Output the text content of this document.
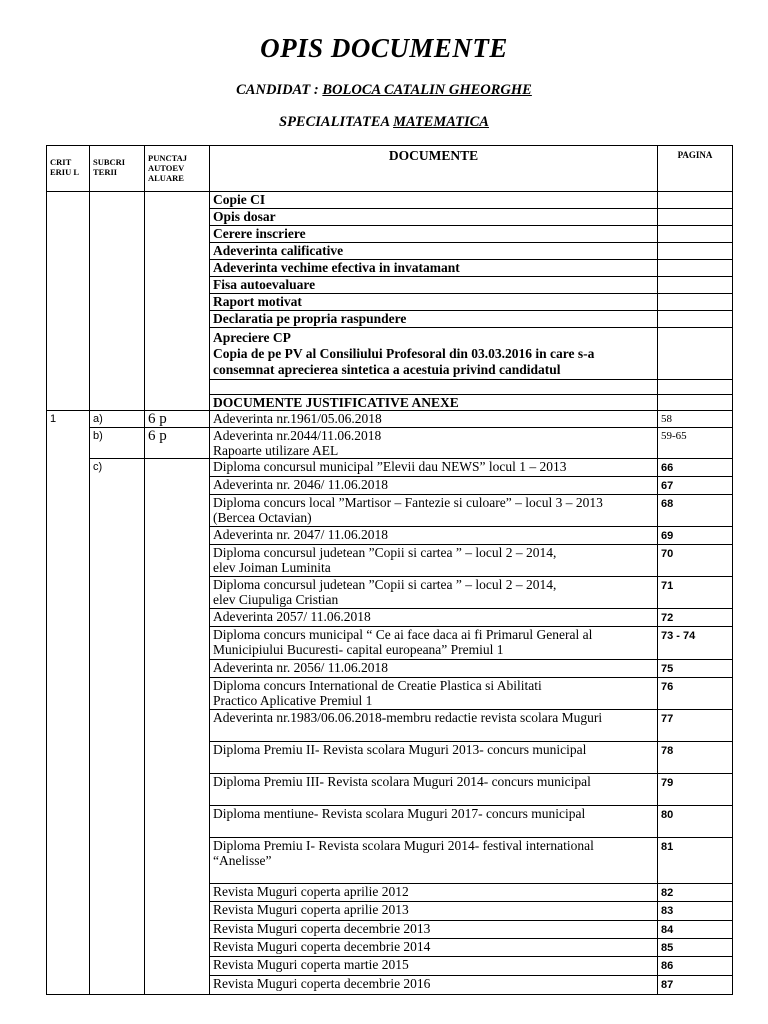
OPIS DOCUMENTE
CANDIDAT : BOLOCA CATALIN GHEORGHE
SPECIALITATEA MATEMATICA
CRIT ERIU L	SUBCRI TERII	PUNCTAJ AUTOEV ALUARE	DOCUMENTE	PAGINA
			Copie CI	
			Opis dosar	
			Cerere inscriere	
			Adeverinta calificative	
			Adeverinta vechime efectiva in invatamant	
			Fisa autoevaluare	
			Raport motivat	
			Declaratia pe propria raspundere	

			Apreciere CP
Copia de pe PV al Consiliului Profesoral din 03.03.2016 in care s-a consemnat aprecierea sintetica a acestuia privind candidatul	

			DOCUMENTE JUSTIFICATIVE ANEXE	
1	a)	6 p	Adeverinta nr.1961/05.06.2018	58
	b)	6 p	Adeverinta nr.2044/11.06.2018
Rapoarte utilizare AEL	59-65
	c)		Diploma concursul municipal ”Elevii dau NEWS” locul 1 – 2013	66
			Adeverinta nr. 2046/ 11.06.2018	67

			Diploma concurs local ”Martisor – Fantezie si culoare” – locul 3 – 2013
(Bercea Octavian)	68
			Adeverinta nr. 2047/ 11.06.2018	69

			Diploma concursul judetean ”Copii si cartea ” – locul 2 – 2014,
elev Joiman Luminita	70

			Diploma concursul judetean ”Copii si cartea ” – locul 2 – 2014,
elev Ciupuliga Cristian	71
			Adeverinta 2057/ 11.06.2018	72

			Diploma concurs municipal “ Ce ai face daca ai fi Primarul General al
Municipiului Bucuresti- capital europeana” Premiul 1	73 - 74
			Adeverinta nr. 2056/ 11.06.2018	75

			Diploma concurs International de Creatie Plastica si Abilitati
Practico Aplicative Premiul 1	76
			Adeverinta nr.1983/06.06.2018-membru redactie revista scolara Muguri	77
			Diploma Premiu II- Revista scolara Muguri 2013- concurs municipal	78
			Diploma Premiu III- Revista scolara Muguri 2014- concurs municipal	79
			Diploma mentiune- Revista scolara Muguri 2017- concurs municipal	80

			Diploma Premiu I- Revista scolara Muguri 2014- festival international
“Anelisse”	81
			Revista Muguri coperta aprilie 2012	82
			Revista Muguri coperta aprilie 2013	83
			Revista Muguri coperta decembrie 2013	84
			Revista Muguri coperta decembrie 2014	85
			Revista Muguri coperta martie 2015	86
			Revista Muguri coperta decembrie 2016	87
